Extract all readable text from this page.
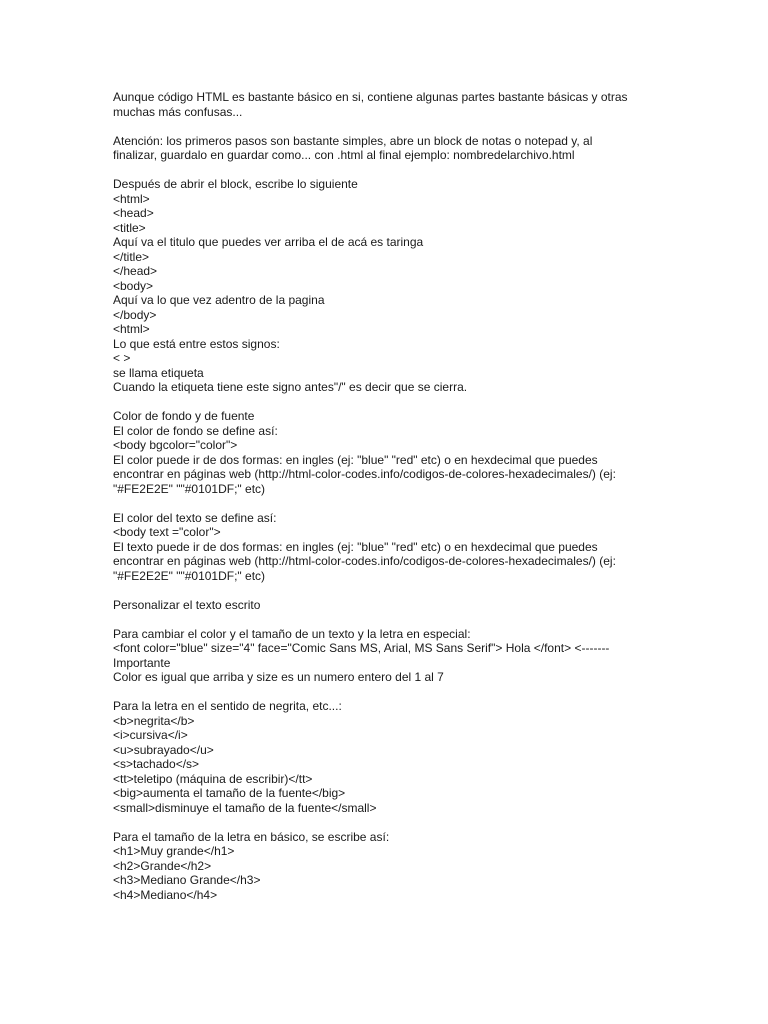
Aunque código HTML es bastante básico en si, contiene algunas partes bastante básicas y otras
muchas más confusas...
Atención: los primeros pasos son bastante simples, abre un block de notas o notepad y, al
finalizar, guardalo en guardar como... con .html al final ejemplo: nombredelarchivo.html
Después de abrir el block, escribe lo siguiente
<html>
<head>
<title>
Aquí va el titulo que puedes ver arriba el de acá es taringa
</title>
</head>
<body>
Aquí va lo que vez adentro de la pagina
</body>
<html>
Lo que está entre estos signos:
< >
se llama etiqueta
Cuando la etiqueta tiene este signo antes"/" es decir que se cierra.
Color de fondo y de fuente
El color de fondo se define así:
<body bgcolor="color">
El color puede ir de dos formas: en ingles (ej: "blue" "red" etc) o en hexdecimal que puedes
encontrar en páginas web (http://html-color-codes.info/codigos-de-colores-hexadecimales/) (ej:
"#FE2E2E" ""#0101DF;" etc)
El color del texto se define así:
<body text ="color">
El texto puede ir de dos formas: en ingles (ej: "blue" "red" etc) o en hexdecimal que puedes
encontrar en páginas web (http://html-color-codes.info/codigos-de-colores-hexadecimales/) (ej:
"#FE2E2E" ""#0101DF;" etc)
Personalizar el texto escrito
Para cambiar el color y el tamaño de un texto y la letra en especial:
<font color="blue" size="4" face="Comic Sans MS, Arial, MS Sans Serif"> Hola </font> <-------
Importante
Color es igual que arriba y size es un numero entero del 1 al 7
Para la letra en el sentido de negrita, etc...:
<b>negrita</b>
<i>cursiva</i>
<u>subrayado</u>
<s>tachado</s>
<tt>teletipo (máquina de escribir)</tt>
<big>aumenta el tamaño de la fuente</big>
<small>disminuye el tamaño de la fuente</small>
Para el tamaño de la letra en básico, se escribe así:
<h1>Muy grande</h1>
<h2>Grande</h2>
<h3>Mediano Grande</h3>
<h4>Mediano</h4>
